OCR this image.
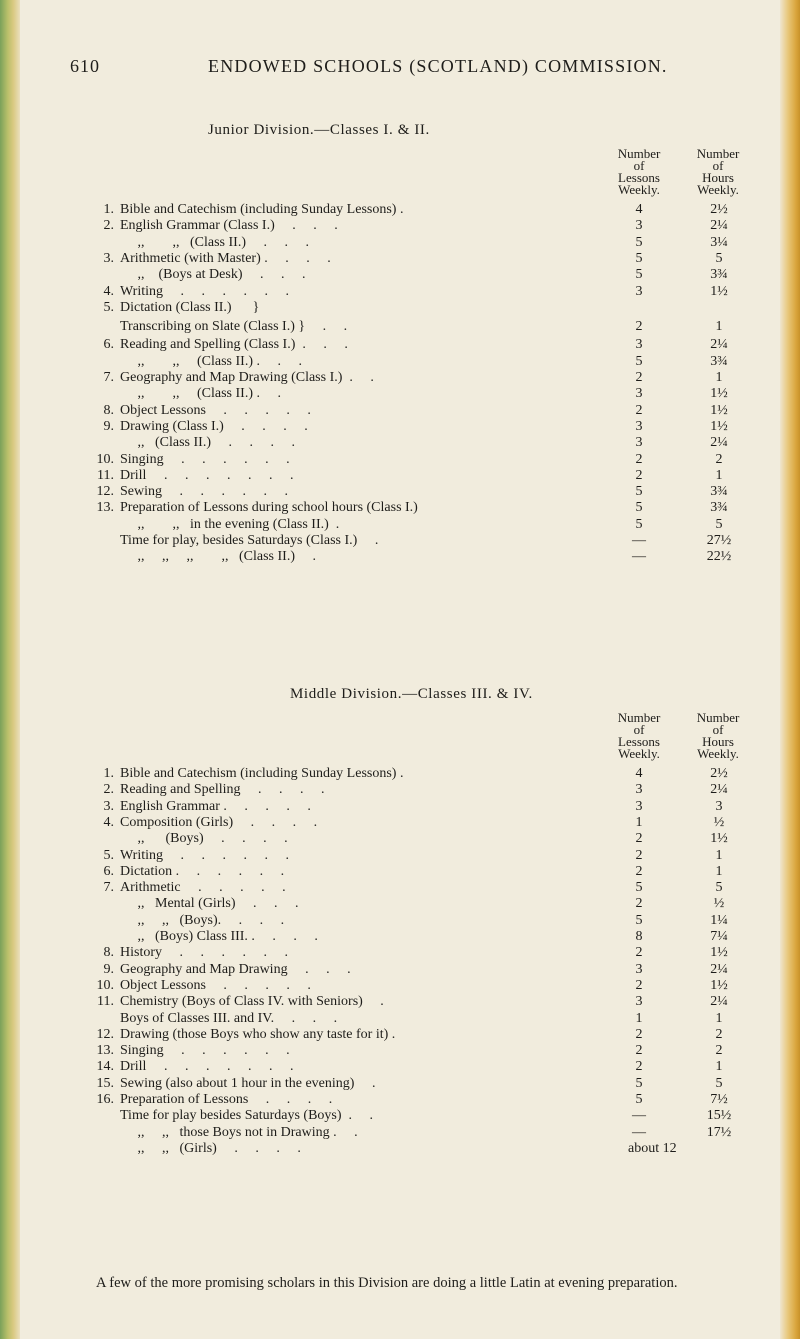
610	ENDOWED SCHOOLS (SCOTLAND) COMMISSION.
Junior Division.—Classes I. & II.
Number
of
Lessons
Weekly.
Number
of
Hours
Weekly.
1. Bible and Catechism (including Sunday Lessons) .	4	2½
2. English Grammar (Class I.)     .     .     .	3	2¼
,,        ,,   (Class II.)     .     .     .	5	3¼
3. Arithmetic (with Master) .     .     .     .	5	5
,,    (Boys at Desk)     .     .     .	5	3¾
4. Writing     .     .     .     .     .     .	3	1½
5. Dictation (Class II.)      }
Transcribing on Slate (Class I.) }     .     .	2	1
6. Reading and Spelling (Class I.)  .     .     .	3	2¼
,,        ,,     (Class II.) .     .     .	5	3¾
7. Geography and Map Drawing (Class I.)  .     .	2	1
,,        ,,     (Class II.) .     .	3	1½
8. Object Lessons     .     .     .     .     .	2	1½
9. Drawing (Class I.)     .     .     .     .	3	1½
,,   (Class II.)     .     .     .     .	3	2¼
10. Singing     .     .     .     .     .     .	2	2
11. Drill     .     .     .     .     .     .     .	2	1
12. Sewing     .     .     .     .     .     .	5	3¾
13. Preparation of Lessons during school hours (Class I.)	5	3¾
,,        ,,   in the evening (Class II.)  .	5	5
Time for play, besides Saturdays (Class I.)     .	—	27½
,,     ,,     ,,        ,,   (Class II.)     .	—	22½
Middle Division.—Classes III. & IV.
Number
of
Lessons
Weekly.
Number
of
Hours
Weekly.
1. Bible and Catechism (including Sunday Lessons) .	4	2½
2. Reading and Spelling     .     .     .     .	3	2¼
3. English Grammar .     .     .     .     .	3	3
4. Composition (Girls)     .     .     .     .	1	½
,,      (Boys)     .     .     .     .	2	1½
5. Writing     .     .     .     .     .     .	2	1
6. Dictation .     .     .     .     .     .	2	1
7. Arithmetic     .     .     .     .     .	5	5
,,   Mental (Girls)     .     .     .	2	½
,,     ,,   (Boys).     .     .     .	5	1¼
,,   (Boys) Class III. .     .     .     .	8	7¼
8. History     .     .     .     .     .     .	2	1½
9. Geography and Map Drawing     .     .     .	3	2¼
10. Object Lessons     .     .     .     .     .	2	1½
11. Chemistry (Boys of Class IV. with Seniors)     .	3	2¼
Boys of Classes III. and IV.     .     .     .	1	1
12. Drawing (those Boys who show any taste for it) .	2	2
13. Singing     .     .     .     .     .     .	2	2
14. Drill     .     .     .     .     .     .     .	2	1
15. Sewing (also about 1 hour in the evening)     .	5	5
16. Preparation of Lessons     .     .     .     .	5	7½
Time for play besides Saturdays (Boys)  .     .	—	15½
,,     ,,   those Boys not in Drawing .     .	—	17½
,,     ,,   (Girls)     .     .     .     .	about 12
A few of the more promising scholars in this Division are doing a little Latin at evening preparation.
